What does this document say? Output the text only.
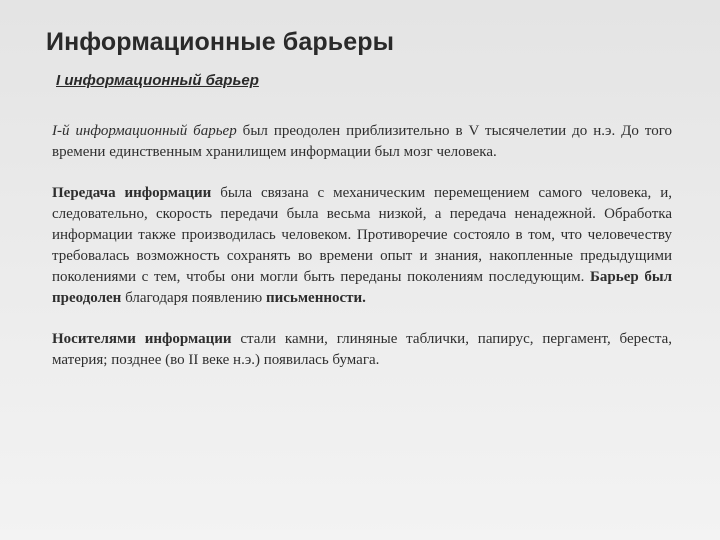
Информационные барьеры
I информационный барьер

I-й информационный барьер был преодолен приблизительно в V тысячелетии до н.э. До того времени единственным хранилищем информации был мозг человека.

Передача информации была связана с механическим перемещением самого человека, и, следовательно, скорость передачи была весьма низкой, а передача ненадежной. Обработка информации также производилась человеком. Противоречие состояло в том, что человечеству требовалась возможность сохранять во времени опыт и знания, накопленные предыдущими поколениями с тем, чтобы они могли быть переданы поколениям последующим. Барьер был преодолен благодаря появлению письменности.

Носителями информации стали камни, глиняные таблички, папирус, пергамент, береста, материя; позднее (во II веке н.э.) появилась бумага.
